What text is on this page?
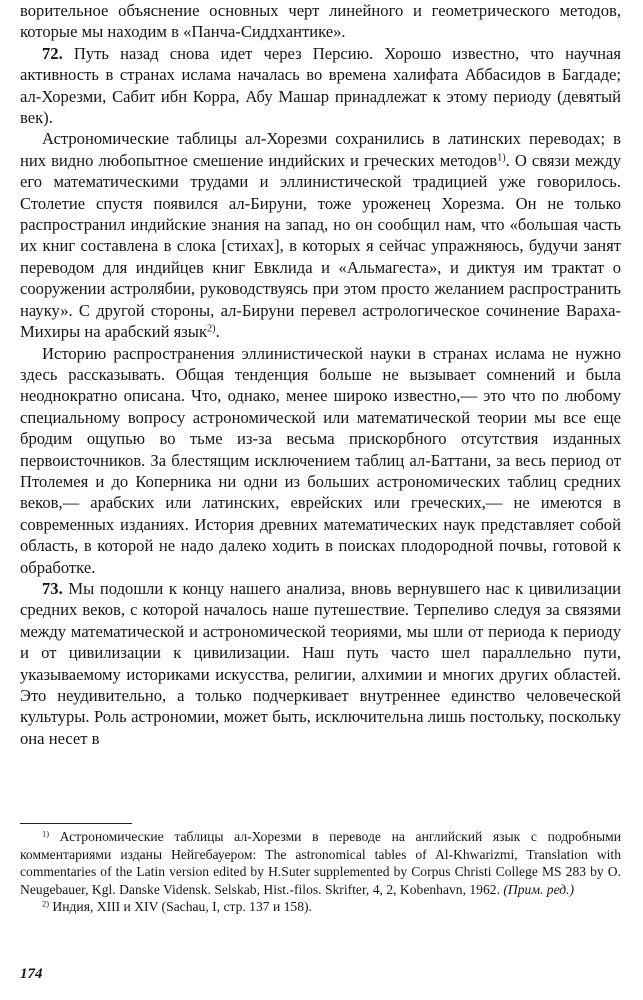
ворительное объяснение основных черт линейного и геометрического методов, которые мы находим в «Панча-Сиддхантике».

72. Путь назад снова идет через Персию. Хорошо известно, что научная активность в странах ислама началась во времена халифата Аббасидов в Багдаде; ал-Хорезми, Сабит ибн Корра, Абу Машар принадлежат к этому периоду (девятый век).

Астрономические таблицы ал-Хорезми сохранились в латинских переводах; в них видно любопытное смешение индийских и греческих методов$^{1)}$. О связи между его математическими трудами и эллинистической традицией уже говорилось. Столетие спустя появился ал-Бируни, тоже уроженец Хорезма. Он не только распространил индийские знания на запад, но он сообщил нам, что «большая часть их книг составлена в слока [стихах], в которых я сейчас упражняюсь, будучи занят переводом для индийцев книг Евклида и «Альмагеста», и диктуя им трактат о сооружении астролябии, руководствуясь при этом просто желанием распространить науку». С другой стороны, ал-Бируни перевел астрологическое сочинение Вараха-Михиры на арабский язык$^{2)}$.

Историю распространения эллинистической науки в странах ислама не нужно здесь рассказывать. Общая тенденция больше не вызывает сомнений и была неоднократно описана. Что, однако, менее широко известно,— это что по любому специальному вопросу астрономической или математической теории мы все еще бродим ощупью во тьме из-за весьма прискорбного отсутствия изданных первоисточников. За блестящим исключением таблиц ал-Баттани, за весь период от Птолемея и до Коперника ни одни из больших астрономических таблиц средних веков,— арабских или латинских, еврейских или греческих,— не имеются в современных изданиях. История древних математических наук представляет собой область, в которой не надо далеко ходить в поисках плодородной почвы, готовой к обработке.

73. Мы подошли к концу нашего анализа, вновь вернувшего нас к цивилизации средних веков, с которой началось наше путешествие. Терпеливо следуя за связями между математической и астрономической теориями, мы шли от периода к периоду и от цивилизации к цивилизации. Наш путь часто шел параллельно пути, указываемому историками искусства, религии, алхимии и многих других областей. Это неудивительно, а только подчеркивает внутреннее единство человеческой культуры. Роль астрономии, может быть, исключительна лишь постольку, поскольку она несет в

$^{1)}$ Астрономические таблицы ал-Хорезми в переводе на английский язык с подробными комментариями изданы Нейгебауером: The astronomical tables of Al-Khwarizmi, Translation with commentaries of the Latin version edited by H.Suter supplemented by Corpus Christi College MS 283 by O. Neugebauer, Kgl. Danske Vidensk. Selskab, Hist.-filos. Skrifter, 4, 2, Kobenhavn, 1962. (Прим. ред.)

$^{2)}$ Индия, XIII и XIV (Sachau, I, стр. 137 и 158).

174
